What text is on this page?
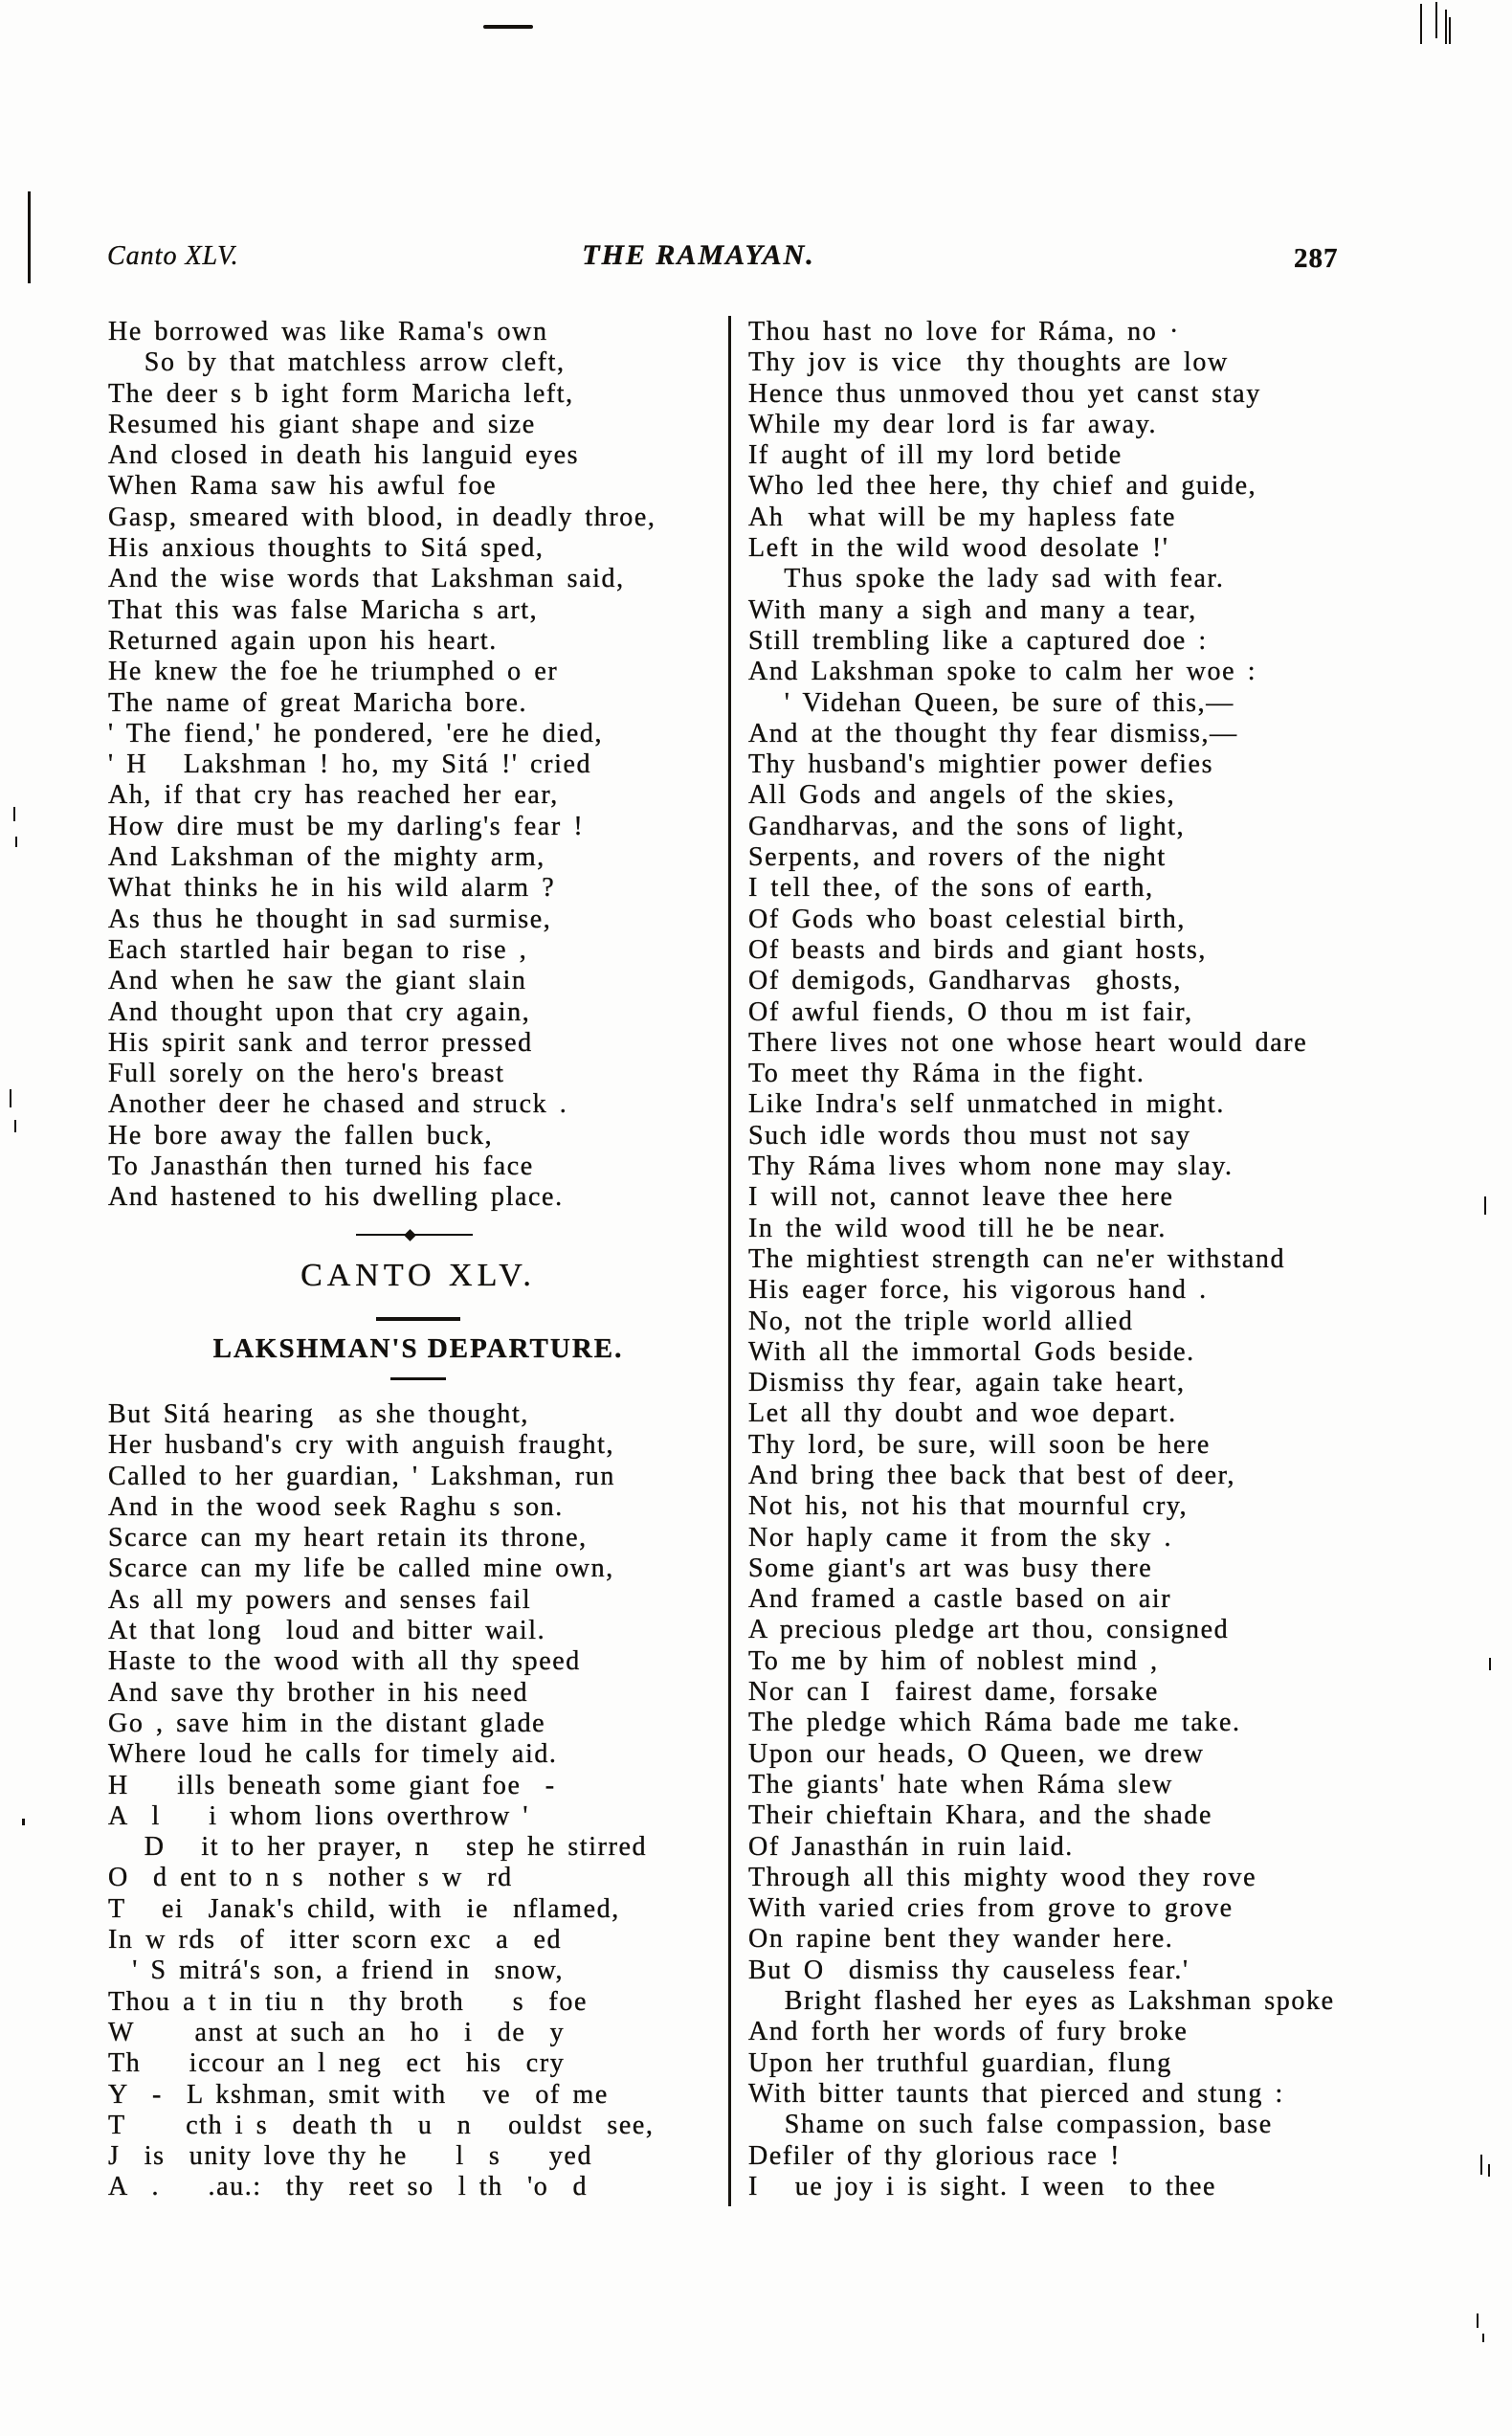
Canto XLV.	THE RAMAYAN.	287
He borrowed was like Rama's own
So by that matchless arrow cleft,
The deer s b ight form Maricha left,
Resumed his giant shape and size
And closed in death his languid eyes
When Rama saw his awful foe
Gasp, smeared with blood, in deadly throe,
His anxious thoughts to Sitá sped,
And the wise words that Lakshman said,
That this was false Maricha s art,
Returned again upon his heart.
He knew the foe he triumphed o er
The name of great Maricha bore.
' The fiend,' he pondered, 'ere he died,
' H   Lakshman ! ho, my Sitá !' cried
Ah, if that cry has reached her ear,
How dire must be my darling's fear !
And Lakshman of the mighty arm,
What thinks he in his wild alarm ?
As thus he thought in sad surmise,
Each startled hair began to rise ,
And when he saw the giant slain
And thought upon that cry again,
His spirit sank and terror pressed
Full sorely on the hero's breast
Another deer he chased and struck .
He bore away the fallen buck,
To Janasthán then turned his face
And hastened to his dwelling place.
CANTO XLV.
LAKSHMAN'S DEPARTURE.
But Sitá hearing  as she thought,
Her husband's cry with anguish fraught,
Called to her guardian, ' Lakshman, run
And in the wood seek Raghu s son.
Scarce can my heart retain its throne,
Scarce can my life be called mine own,
As all my powers and senses fail
At that long  loud and bitter wail.
Haste to the wood with all thy speed
And save thy brother in his need
Go , save him in the distant glade
Where loud he calls for timely aid.
H    ills beneath some giant foe  -
A  l    i whom lions overthrow '
D   it to her prayer, n   step he stirred
O  d ent to n s  nother s w  rd
T   ei  Janak's child, with  ie  nflamed,
In w rds  of  itter scorn exc  a  ed
' S mitrá's son, a friend in  snow,
Thou a t in tiu n  thy broth    s  foe
W     anst at such an  ho  i  de  y
Th    iccour an l neg  ect  his  cry
Y  -  L kshman, smit with   ve  of me
T     cth i s  death th  u  n   ouldst  see,
J  is  unity love thy he    l  s    yed
A  .    .au.:  thy  reet so  l th  'o  d
Thou hast no love for Ráma, no ·
Thy jov is vice  thy thoughts are low
Hence thus unmoved thou yet canst stay
While my dear lord is far away.
If aught of ill my lord betide
Who led thee here, thy chief and guide,
Ah  what will be my hapless fate
Left in the wild wood desolate !'
Thus spoke the lady sad with fear.
With many a sigh and many a tear,
Still trembling like a captured doe :
And Lakshman spoke to calm her woe :
' Videhan Queen, be sure of this,—
And at the thought thy fear dismiss,—
Thy husband's mightier power defies
All Gods and angels of the skies,
Gandharvas, and the sons of light,
Serpents, and rovers of the night
I tell thee, of the sons of earth,
Of Gods who boast celestial birth,
Of beasts and birds and giant hosts,
Of demigods, Gandharvas  ghosts,
Of awful fiends, O thou m ist fair,
There lives not one whose heart would dare
To meet thy Ráma in the fight.
Like Indra's self unmatched in might.
Such idle words thou must not say
Thy Ráma lives whom none may slay.
I will not, cannot leave thee here
In the wild wood till he be near.
The mightiest strength can ne'er withstand
His eager force, his vigorous hand .
No, not the triple world allied
With all the immortal Gods beside.
Dismiss thy fear, again take heart,
Let all thy doubt and woe depart.
Thy lord, be sure, will soon be here
And bring thee back that best of deer,
Not his, not his that mournful cry,
Nor haply came it from the sky .
Some giant's art was busy there
And framed a castle based on air
A precious pledge art thou, consigned
To me by him of noblest mind ,
Nor can I  fairest dame, forsake
The pledge which Ráma bade me take.
Upon our heads, O Queen, we drew
The giants' hate when Ráma slew
Their chieftain Khara, and the shade
Of Janasthán in ruin laid.
Through all this mighty wood they rove
With varied cries from grove to grove
On rapine bent they wander here.
But O  dismiss thy causeless fear.'
Bright flashed her eyes as Lakshman spoke
And forth her words of fury broke
Upon her truthful guardian, flung
With bitter taunts that pierced and stung :
Shame on such false compassion, base
Defiler of thy glorious race !
I   ue joy i is sight. I ween  to thee
